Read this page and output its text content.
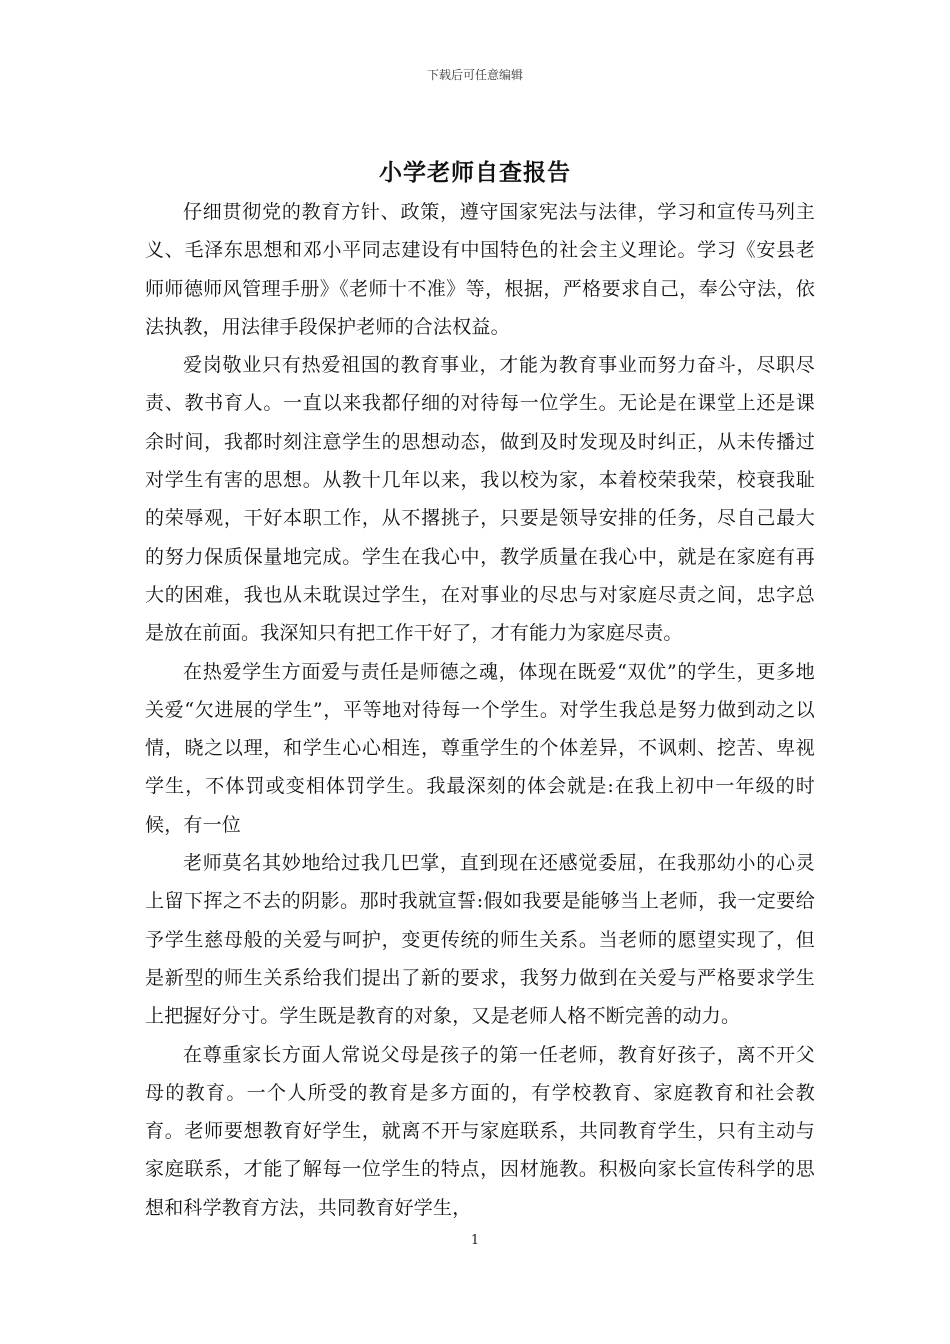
下载后可任意编辑
小学老师自查报告

仔细贯彻党的教育方针、政策，遵守国家宪法与法律，学习和宣传马列主义、毛泽东思想和邓小平同志建设有中国特色的社会主义理论。学习《安县老师师德师风管理手册》《老师十不准》等，根据，严格要求自己，奉公守法，依法执教，用法律手段保护老师的合法权益。

爱岗敬业只有热爱祖国的教育事业，才能为教育事业而努力奋斗，尽职尽责、教书育人。一直以来我都仔细的对待每一位学生。无论是在课堂上还是课余时间，我都时刻注意学生的思想动态，做到及时发现及时纠正，从未传播过对学生有害的思想。从教十几年以来，我以校为家，本着校荣我荣，校衰我耻的荣辱观，干好本职工作，从不撂挑子，只要是领导安排的任务，尽自己最大的努力保质保量地完成。学生在我心中，教学质量在我心中，就是在家庭有再大的困难，我也从未耽误过学生，在对事业的尽忠与对家庭尽责之间，忠字总是放在前面。我深知只有把工作干好了，才有能力为家庭尽责。

在热爱学生方面爱与责任是师德之魂，体现在既爱“双优”的学生，更多地关爱“欠进展的学生”，平等地对待每一个学生。对学生我总是努力做到动之以情，晓之以理，和学生心心相连，尊重学生的个体差异，不讽刺、挖苦、卑视学生，不体罚或变相体罚学生。我最深刻的体会就是:在我上初中一年级的时候，有一位

老师莫名其妙地给过我几巴掌，直到现在还感觉委屈，在我那幼小的心灵上留下挥之不去的阴影。那时我就宣誓:假如我要是能够当上老师，我一定要给予学生慈母般的关爱与呵护，变更传统的师生关系。当老师的愿望实现了，但是新型的师生关系给我们提出了新的要求，我努力做到在关爱与严格要求学生上把握好分寸。学生既是教育的对象，又是老师人格不断完善的动力。

在尊重家长方面人常说父母是孩子的第一任老师，教育好孩子，离不开父母的教育。一个人所受的教育是多方面的，有学校教育、家庭教育和社会教育。老师要想教育好学生，就离不开与家庭联系，共同教育学生，只有主动与家庭联系，才能了解每一位学生的特点，因材施教。积极向家长宣传科学的思想和科学教育方法，共同教育好学生，

1
